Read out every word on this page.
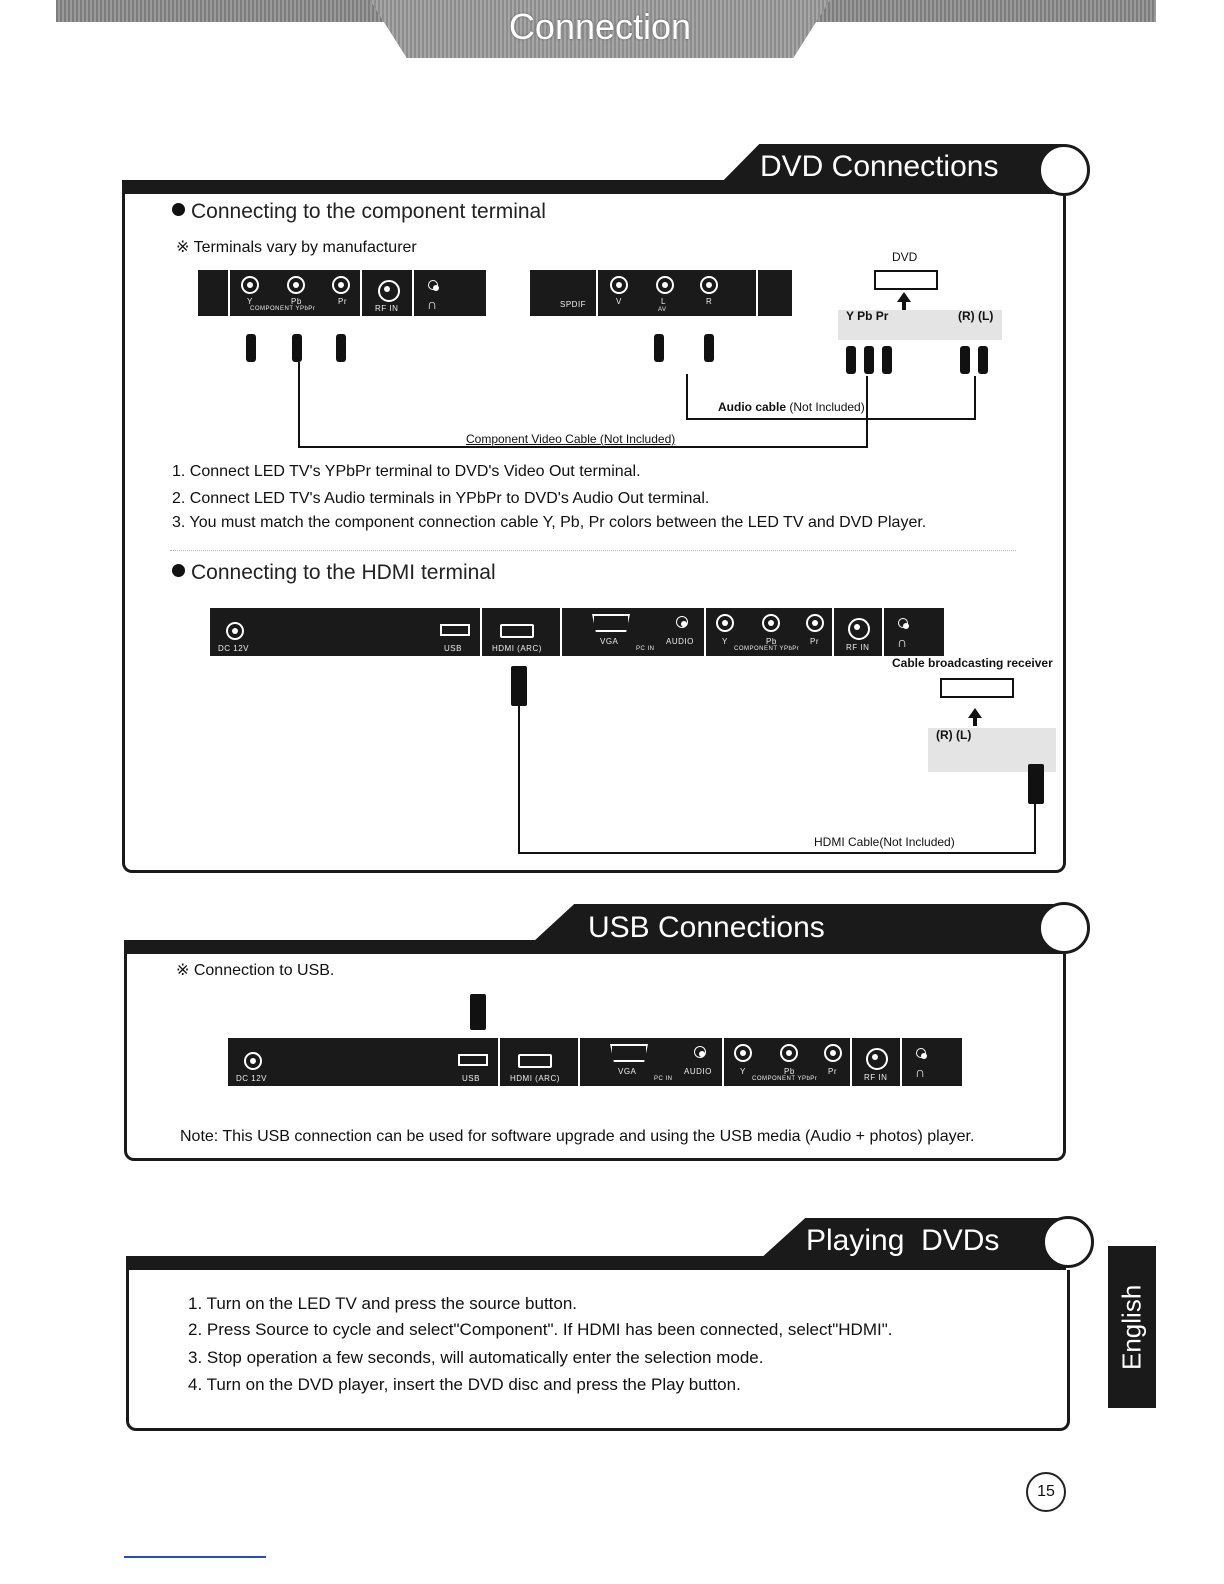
Connection
DVD Connections
Connecting to the component terminal
※ Terminals vary by manufacturer
Y	Pb	Pr
COMPONENT YPbPr	RF IN ∩	SPDIF	V	L	R
AV
DVD
Y Pb Pr	(R) (L)
Audio cable (Not Included)
Component Video Cable (Not Included)
1. Connect LED TV's YPbPr terminal to DVD's Video Out terminal.
2. Connect LED TV's Audio terminals in YPbPr to DVD's Audio Out terminal.
3. You must match the component connection cable Y, Pb, Pr colors between the LED TV and DVD Player.
Connecting to the HDMI terminal
DC 12V	USB	HDMI (ARC)
VGA	AUDIO
PC IN
Y	Pb	Pr
COMPONENT YPbPr	RF IN ∩
Cable broadcasting receiver
(R) (L)
HDMI Cable(Not Included)
USB Connections
※ Connection to USB.
DC 12V	USB	HDMI (ARC)
VGA	AUDIO
PC IN
Y	Pb	Pr
COMPONENT YPbPr	RF IN ∩
Note: This USB connection can be used for software upgrade and using the USB media (Audio + photos) player.
Playing  DVDs
1. Turn on the LED TV and press the source button.
2. Press Source to cycle and select"Component". If HDMI has been connected, select"HDMI".
3. Stop operation a few seconds, will automatically enter the selection mode.
4. Turn on the DVD player, insert the DVD disc and press the Play button.
English
15
